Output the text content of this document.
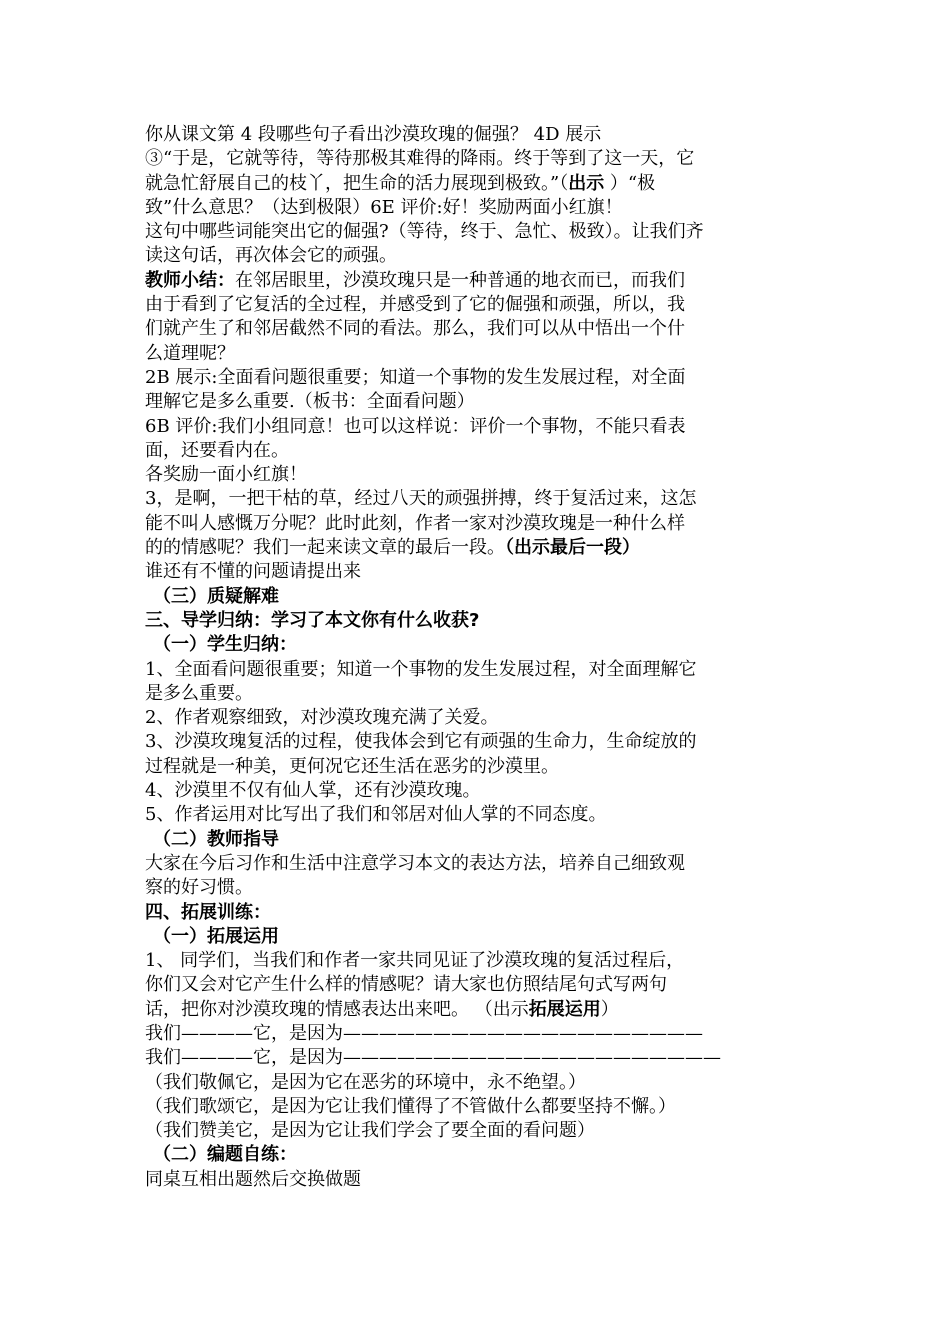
你从课文第 4 段哪些句子看出沙漠玫瑰的倔强？ 4D 展示
③“于是，它就等待，等待那极其难得的降雨。终于等到了这一天，它
就急忙舒展自己的枝丫，把生命的活力展现到极致。”（出示 ）“极
致”什么意思？（达到极限）6E 评价:好！奖励两面小红旗！
这句中哪些词能突出它的倔强?（等待，终于、急忙、极致）。让我们齐
读这句话，再次体会它的顽强。
教师小结：在邻居眼里，沙漠玫瑰只是一种普通的地衣而已，而我们
由于看到了它复活的全过程，并感受到了它的倔强和顽强，所以，我
们就产生了和邻居截然不同的看法。那么，我们可以从中悟出一个什
么道理呢？
2B 展示:全面看问题很重要；知道一个事物的发生发展过程，对全面
理解它是多么重要.（板书：全面看问题）
6B 评价:我们小组同意！也可以这样说：评价一个事物，不能只看表
面，还要看内在。
各奖励一面小红旗！
3，是啊，一把干枯的草，经过八天的顽强拼搏，终于复活过来，这怎
能不叫人感慨万分呢？此时此刻，作者一家对沙漠玫瑰是一种什么样
的的情感呢？我们一起来读文章的最后一段。（出示最后一段）
谁还有不懂的问题请提出来
（三）质疑解难
三、导学归纳：学习了本文你有什么收获?
（一）学生归纳：
1、全面看问题很重要；知道一个事物的发生发展过程，对全面理解它
是多么重要。
2、作者观察细致，对沙漠玫瑰充满了关爱。
3、沙漠玫瑰复活的过程，使我体会到它有顽强的生命力，生命绽放的
过程就是一种美，更何况它还生活在恶劣的沙漠里。
4、沙漠里不仅有仙人掌，还有沙漠玫瑰。
5、作者运用对比写出了我们和邻居对仙人掌的不同态度。
（二）教师指导
大家在今后习作和生活中注意学习本文的表达方法，培养自己细致观
察的好习惯。
四、拓展训练：
（一）拓展运用
1、 同学们，当我们和作者一家共同见证了沙漠玫瑰的复活过程后，
你们又会对它产生什么样的情感呢？请大家也仿照结尾句式写两句
话，把你对沙漠玫瑰的情感表达出来吧。 （出示拓展运用）
我们————它，是因为————————————————————
我们————它，是因为—————————————————————
（我们敬佩它，是因为它在恶劣的环境中，永不绝望。）
（我们歌颂它，是因为它让我们懂得了不管做什么都要坚持不懈。）
（我们赞美它，是因为它让我们学会了要全面的看问题）
（二）编题自练：
同桌互相出题然后交换做题
